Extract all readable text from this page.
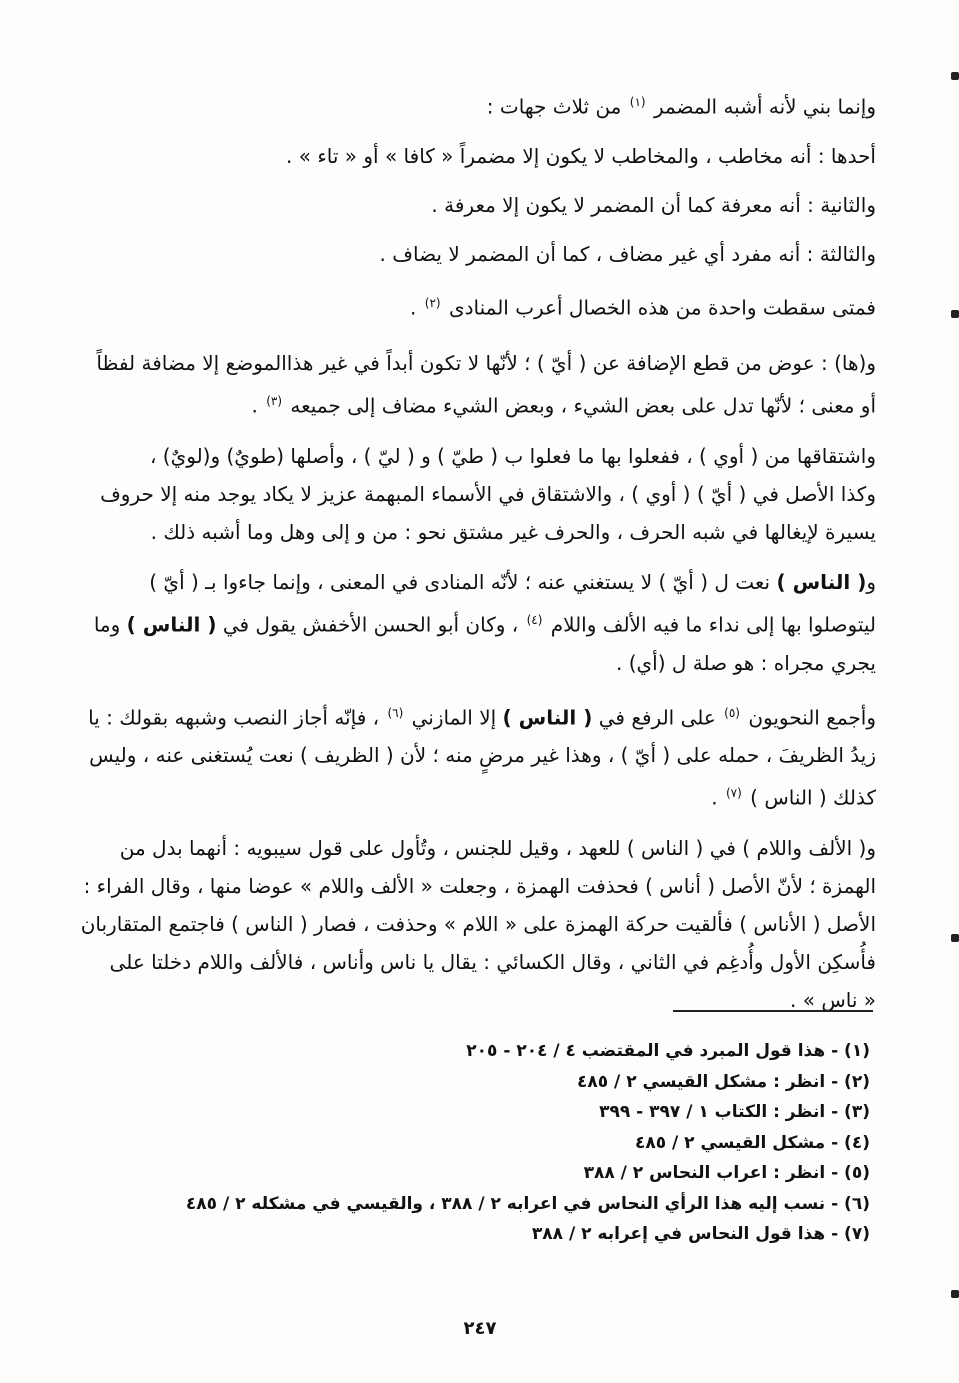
وإنما بني لأنه أشبه المضمر $^{(١)}$ من ثلاث جهات :
أحدها : أنه مخاطب ، والمخاطب لا يكون إلا مضمراً « كافا » أو « تاء » .
والثانية : أنه معرفة كما أن المضمر لا يكون إلا معرفة .
والثالثة : أنه مفرد أي غير مضاف ، كما أن المضمر لا يضاف .
فمتى سقطت واحدة من هذه الخصال أعرب المنادى $^{(٢)}$ .
و(ها) : عوض من قطع الإضافة عن ( أيّ ) ؛ لأنّها لا تكون أبداً في غير هذاالموضع إلا مضافة لفظاً
أو معنى ؛ لأنّها تدل على بعض الشيء ، وبعض الشيء مضاف إلى جميعه $^{(٣)}$ .
واشتقاقها من ( أوي ) ، ففعلوا بها ما فعلوا ب ( طيّ ) و ( ليّ ) ، وأصلها (طويٌ) و(لويٌ) ،
وكذا الأصل في ( أيّ ) ( أوي ) ، والاشتقاق في الأسماء المبهمة عزيز لا يكاد يوجد منه إلا حروف
يسيرة لإيغالها في شبه الحرف ، والحرف غير مشتق نحو : من و إلى وهل وما أشبه ذلك .
و( الناس ) نعت ل ( أيّ ) لا يستغني عنه ؛ لأنّه المنادى في المعنى ، وإنما جاءوا بـ ( أيّ )
ليتوصلوا بها إلى نداء ما فيه الألف واللام $^{(٤)}$ ، وكان أبو الحسن الأخفش يقول في ( الناس ) وما
يجري مجراه : هو صلة ل (أي) .
وأجمع النحويون $^{(٥)}$ على الرفع في ( الناس ) إلا المازني $^{(٦)}$ ، فإنّه أجاز النصب وشبهه بقولك : يا
زيدُ الظريفَ ، حمله على ( أيّ ) ، وهذا غير مرضٍ منه ؛ لأن ( الظريف ) نعت يُستغنى عنه ، وليس
كذلك ( الناس ) $^{(٧)}$ .
و( الألف واللام ) في ( الناس ) للعهد ، وقيل للجنس ، وتُأول على قول سيبويه : أنهما بدل من
الهمزة ؛ لأنّ الأصل ( أناس ) فحذفت الهمزة ، وجعلت « الألف واللام » عوضا منها ، وقال الفراء :
الأصل ( الأناس ) فألقيت حركة الهمزة على « اللام » وحذفت ، فصار ( الناس ) فاجتمع المتقاربان
فأُسكِن الأول وأُدغِم في الثاني ، وقال الكسائي : يقال يا ناس وأناس ، فالألف واللام دخلتا على
« ناس » .
(١) - هذا قول المبرد في المقتضب ٤ / ٢٠٤ - ٢٠٥
(٢) - انظر : مشكل القيسي ٢ / ٤٨٥
(٣) - انظر : الكتاب ١ / ٣٩٧ - ٣٩٩
(٤) - مشكل القيسي ٢ / ٤٨٥
(٥) - انظر : اعراب النحاس ٢ / ٣٨٨
(٦) - نسب إليه هذا الرأي النحاس في اعرابه ٢ / ٣٨٨ ، والقيسي في مشكله ٢ / ٤٨٥
(٧) - هذا قول النحاس في إعرابه ٢ / ٣٨٨
٢٤٧
